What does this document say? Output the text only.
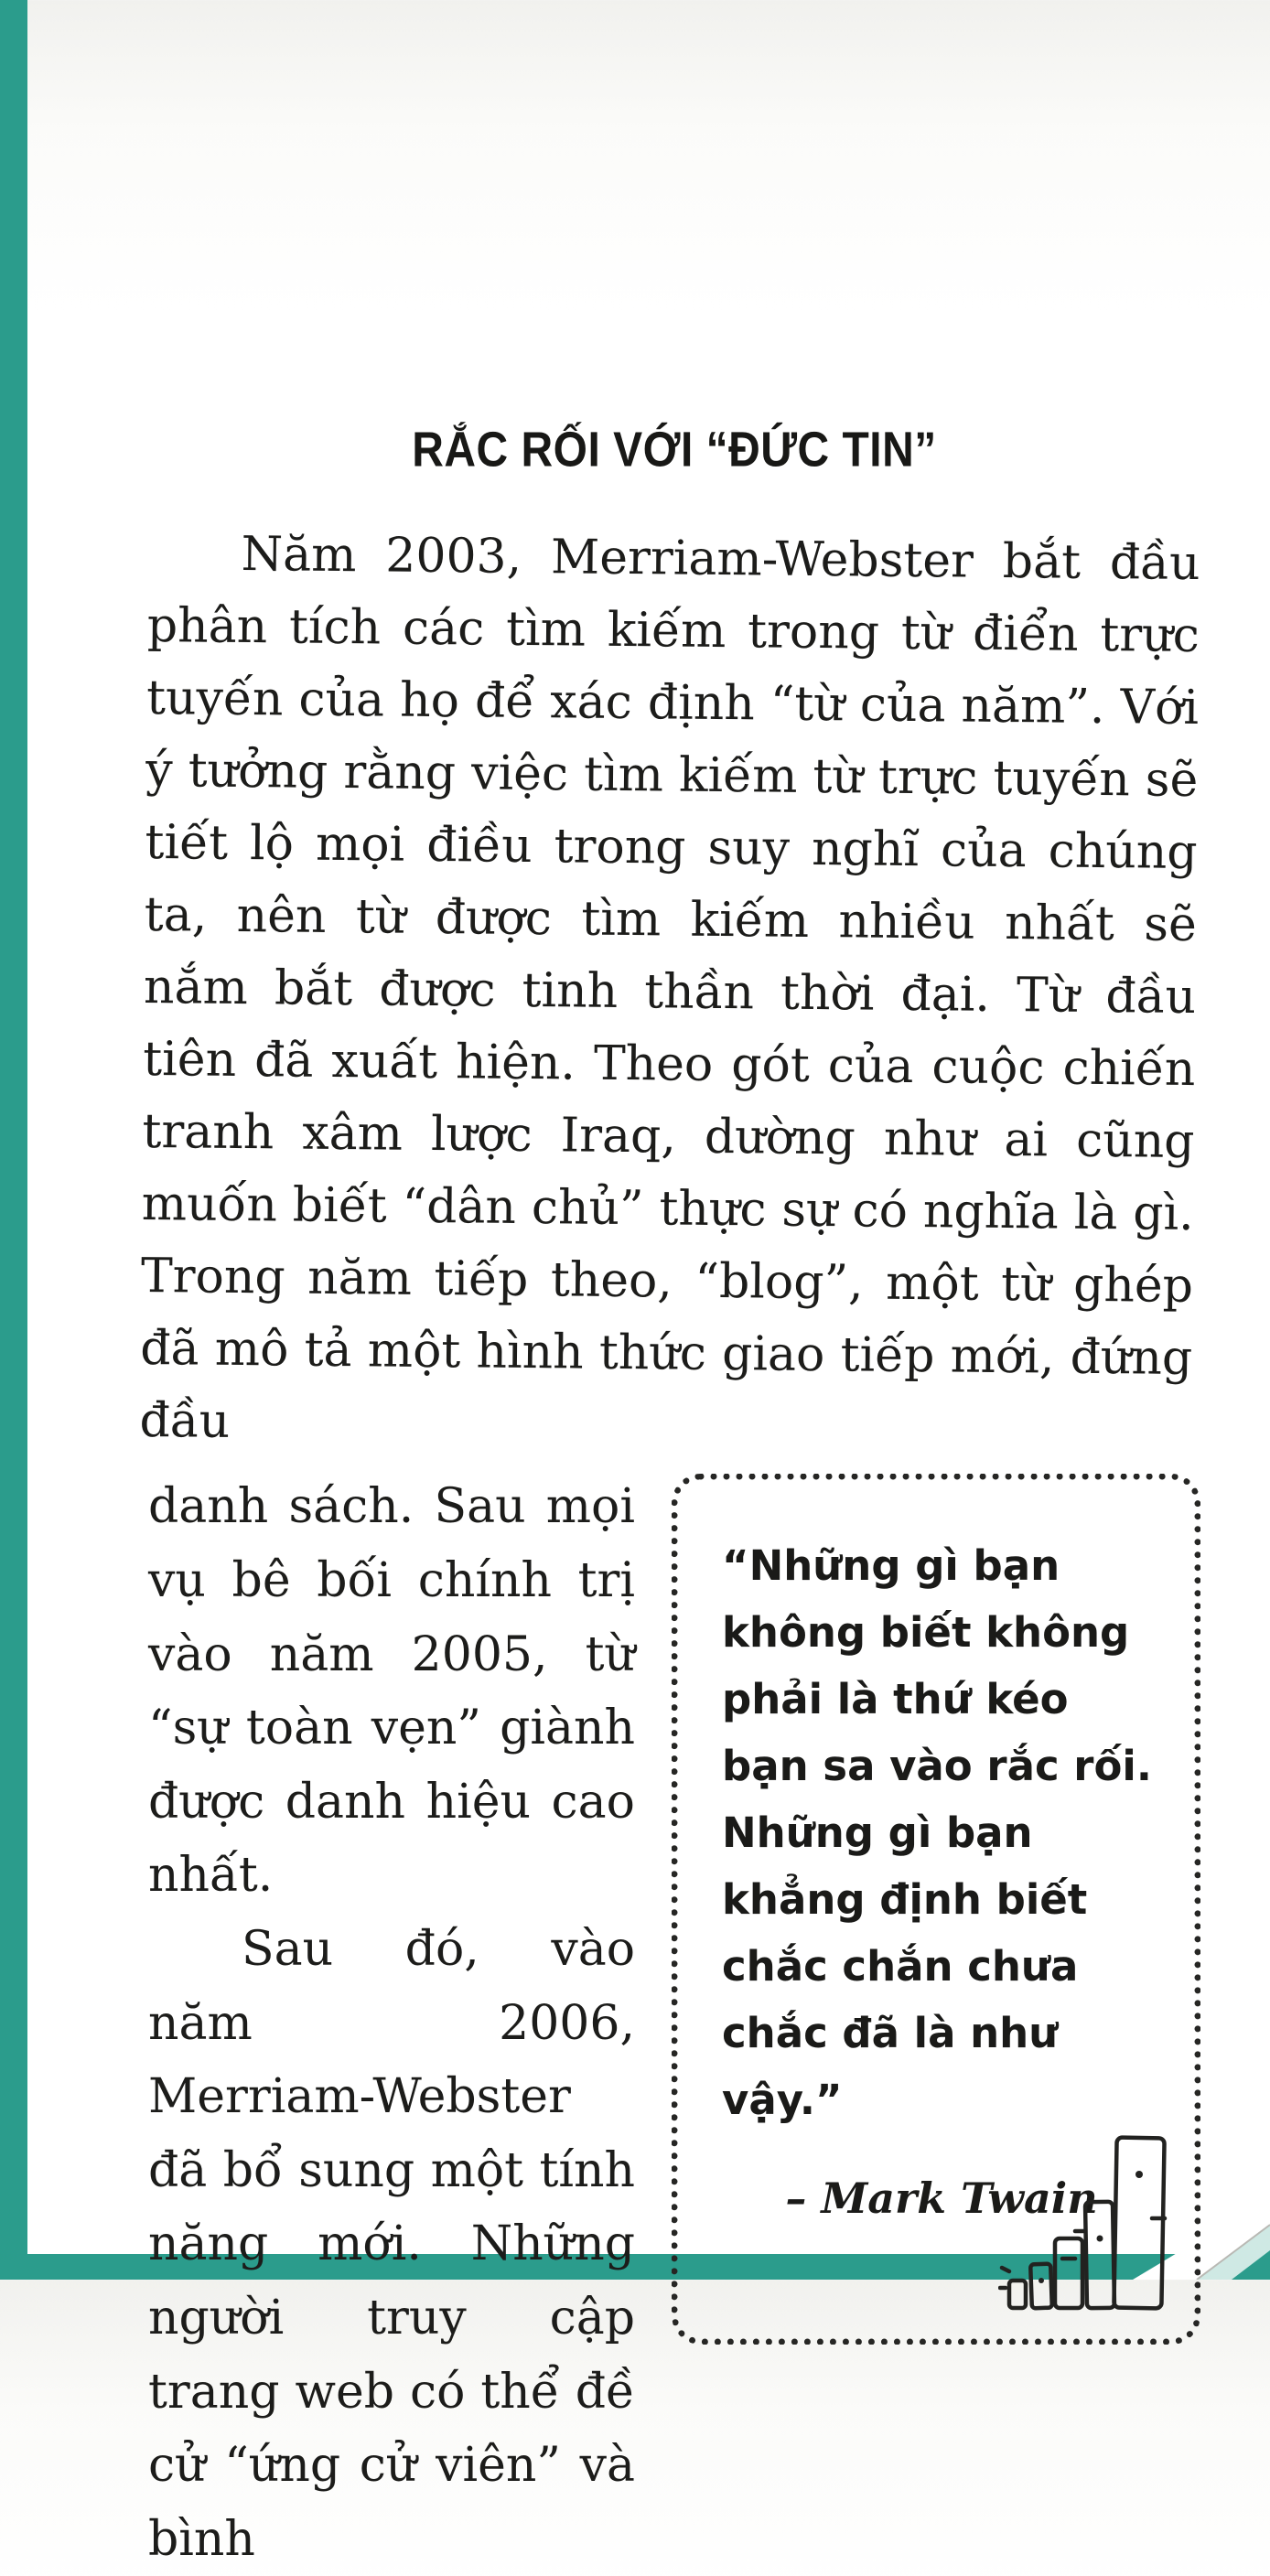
RẮC RỐI VỚI “ĐỨC TIN”

Năm 2003, Merriam-Webster bắt đầu phân tích các tìm kiếm trong từ điển trực tuyến của họ để xác định “từ của năm”. Với ý tưởng rằng việc tìm kiếm từ trực tuyến sẽ tiết lộ mọi điều trong suy nghĩ của chúng ta, nên từ được tìm kiếm nhiều nhất sẽ nắm bắt được tinh thần thời đại. Từ đầu tiên đã xuất hiện. Theo gót của cuộc chiến tranh xâm lược Iraq, dường như ai cũng muốn biết “dân chủ” thực sự có nghĩa là gì. Trong năm tiếp theo, “blog”, một từ ghép đã mô tả một hình thức giao tiếp mới, đứng đầu

danh sách. Sau mọi vụ bê bối chính trị vào năm 2005, từ “sự toàn vẹn” giành được danh hiệu cao nhất.

Sau đó, vào năm 2006, Merriam-Webster đã bổ sung một tính năng mới. Những người truy cập trang web có thể đề cử “ứng cử viên” và bình

“Những gì bạn không biết không phải là thứ kéo bạn sa vào rắc rối. Những gì bạn khẳng định biết chắc chắn chưa chắc đã là như vậy.”

– Mark Twain
